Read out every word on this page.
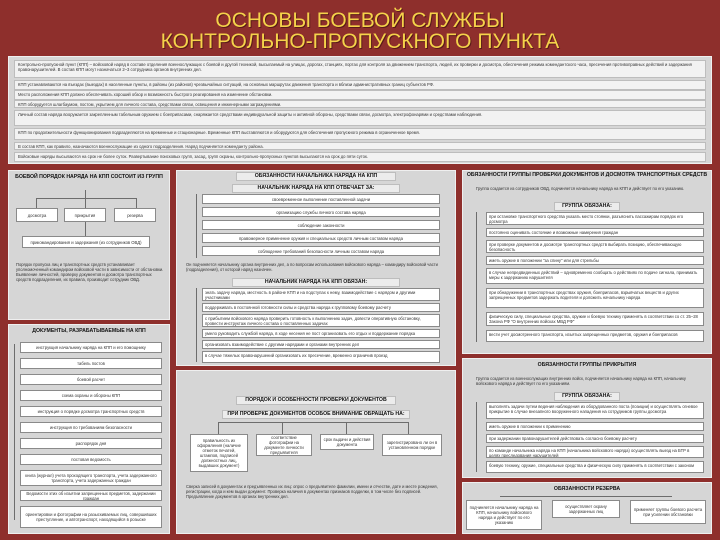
ОСНОВЫ БОЕВОЙ СЛУЖБЫ
КОНТРОЛЬНО-ПРОПУСКНОГО ПУНКТА
Контрольно-пропускной пункт (КПП) – войсковой наряд в составе отделения военнослужащих с боевой и другой техникой, высылаемый на улицах, дорогах, станциях, портах для контроля за движением транспорта, людей, их проверки и досмотра, обеспечения режима комендантского часа, пресечения противоправных действий и задержания правонарушителей. В состав КПП могут назначаться 2–3 сотрудника органов внутренних дел.
КПП устанавливаются на въездах (выездах) в населенные пункты, в районы (из районов) чрезвычайных ситуаций, на основных маршрутах движения транспорта и вблизи административных границ субъектов РФ.
Место расположения КПП должно обеспечивать хороший обзор и возможность быстрого реагирования на изменение обстановки.
КПП оборудуется шлагбаумом, постом, укрытием для личного состава, средствами связи, освещения и инженерными заграждениями.
Личный состав наряда вооружается закрепленным табельным оружием с боеприпасами, снаряжается средствами индивидуальной защиты и активной обороны, средствами связи, досмотра, электрофонарями и средствами наблюдения.
КПП по продолжительности функционирования подразделяются на временные и стационарные. Временные КПП выставляются и оборудуются для обеспечения пропускного режима в ограниченное время.
В состав КПП, как правило, назначаются военнослужащие из одного подразделения. Наряд подчиняется коменданту района.
Войсковые наряды высылаются на срок не более суток. Развертывание поисковых групп, засад, групп охраны, контрольно-пропускных пунктов высылаются на срок до пяти суток.
БОЕВОЙ ПОРЯДОК НАРЯДА НА КПП СОСТОИТ ИЗ ГРУПП
досмотра	прикрытия	резерва
прикомандирования и задержания (из сотрудников ОВД)
Порядок пропуска лиц и транспортных средств устанавливает уполномоченный командиром войсковой части в зависимости от обстановки. Выявление личностей, проверку документов и досмотра транспортных средств подразделения, их правила, производит сотрудник ОВД.
ДОКУМЕНТЫ, РАЗРАБАТЫВАЕМЫЕ НА КПП
инструкция начальнику наряда на КПП и его помощнику
табель постов
боевой расчет
схема охраны и обороны КПП
инструкция о порядке досмотра транспортных средств
инструкция по требованиям безопасности
распорядок дня
постовая ведомость
книга (журнал) учета проходящего транспорта, учета задержанного транспорта, учета задержанных граждан
Ведомости этих об изъятии запрещенных предметов, задержании граждан
ориентировки и фотографии на разыскиваемых лиц, совершивших преступление, и автотранспорт, находящийся в розыске
ОБЯЗАННОСТИ НАЧАЛЬНИКА НАРЯДА НА КПП
НАЧАЛЬНИК НАРЯДА НА КПП ОТВЕЧАЕТ ЗА:
своевременное выполнение поставленной задачи
организацию службы личного состава наряда
соблюдение законности
правомерное применение оружия и специальных средств личным составом наряда
соблюдение требований безопасности личным составом наряда
Он подчиняется начальнику органа внутренних дел, а по вопросам использования войскового наряда – командиру войсковой части (подразделения), от которой наряд назначен.
НАЧАЛЬНИК НАРЯДА НА КПП ОБЯЗАН:
знать задачу наряда, местность в районе КПП и на подступах к нему, взаимодействие с нарядом и другими участниками
поддерживать в постоянной готовности силы и средства наряда к групповому боевому расчету
с прибытием войскового наряда проверить готовность к выполнению задач, довести оперативную обстановку, провести инструктаж личного состава о поставленных задачах
умело руководить службой наряда, в ходе несения не пост организовать его отдых и поддержание порядка
организовать взаимодействие с другими нарядами и органами внутренних дел
в случае тяжелых правонарушений организовать их пресечение, временно ограничив проезд
ПОРЯДОК И ОСОБЕННОСТИ ПРОВЕРКИ ДОКУМЕНТОВ
ПРИ ПРОВЕРКЕ ДОКУМЕНТОВ ОСОБОЕ ВНИМАНИЕ ОБРАЩАТЬ НА:
правильность их оформления (наличие отметок печатей, штампов, подписей должностных лиц, выдавших документ)
соответствие фотографии на документе личности предъявителя
срок выдачи и действия документа	зарегистрировано ли он в установленном порядке
Сверка записей в документах и предъявленных их лиц: опрос о предъявителе фамилии, имени и отчестве, дате и месте рождения, регистрации, когда и кем выдан документ. Проверка наличия в документах признаков подделки, в том числе без подписей. Предъявление документов в органах внутренних дел.
ОБЯЗАННОСТИ ГРУППЫ ПРОВЕРКИ ДОКУМЕНТОВ И ДОСМОТРА ТРАНСПОРТНЫХ СРЕДСТВ
Группа создается из сотрудников ОВД, подчиняется начальнику наряда на КПП и действует по его указанию.
ГРУППА ОБЯЗАНА:
при остановке транспортного средства указать место стоянки, разъяснить пассажирам порядок его досмотра
постоянно оценивать состояние и возможные намерения граждан
при проверке документов и досмотре транспортных средств выбирать позицию, обеспечивающую безопасность
иметь оружие в положении "за спину" или для стрельбы
в случае непредвиденных действий – одновременно сообщать о действиях по подаче сигнала, принимать меры к задержанию нарушителя
при обнаружении в транспортных средствах оружия, боеприпасов, взрывчатых веществ и других запрещенных предметов задержать водителя и доложить начальнику наряда
физическую силу, специальные средства, оружие и боевую технику применять в соответствии со ст. 25–28 Закона РФ "О внутренних войсках МВД РФ"
вести учет досмотренного транспорта, изъятых запрещенных предметов, оружия и боеприпасов
ОБЯЗАННОСТИ ГРУППЫ ПРИКРЫТИЯ
Группа создается из военнослужащих внутренних войск, подчиняется начальнику наряда на КПП, начальнику войскового наряда и действует по его указаниям.
ГРУППА ОБЯЗАНА:
выполнять задачи путем ведения наблюдения из оборудованного поста (позиции) и осуществлять огневое прикрытие в случае внезапного вооруженного нападения на сотрудников группы досмотра
иметь оружие в положении к применению
при задержании правонарушителей действовать согласно боевому расчету
по команде начальника наряда на КПП (начальника войскового наряда) осуществлять выезд на БТР в целях преследования нарушителей
боевую технику, оружие, специальные средства и физическую силу применять в соответствии с законом
ОБЯЗАННОСТИ РЕЗЕРВА
подчиняется начальнику наряда на КПП, начальнику войскового наряда и действует по его указанию
осуществляет охрану задержанных лиц	применяет группы боевого расчета при усилении обстановки
